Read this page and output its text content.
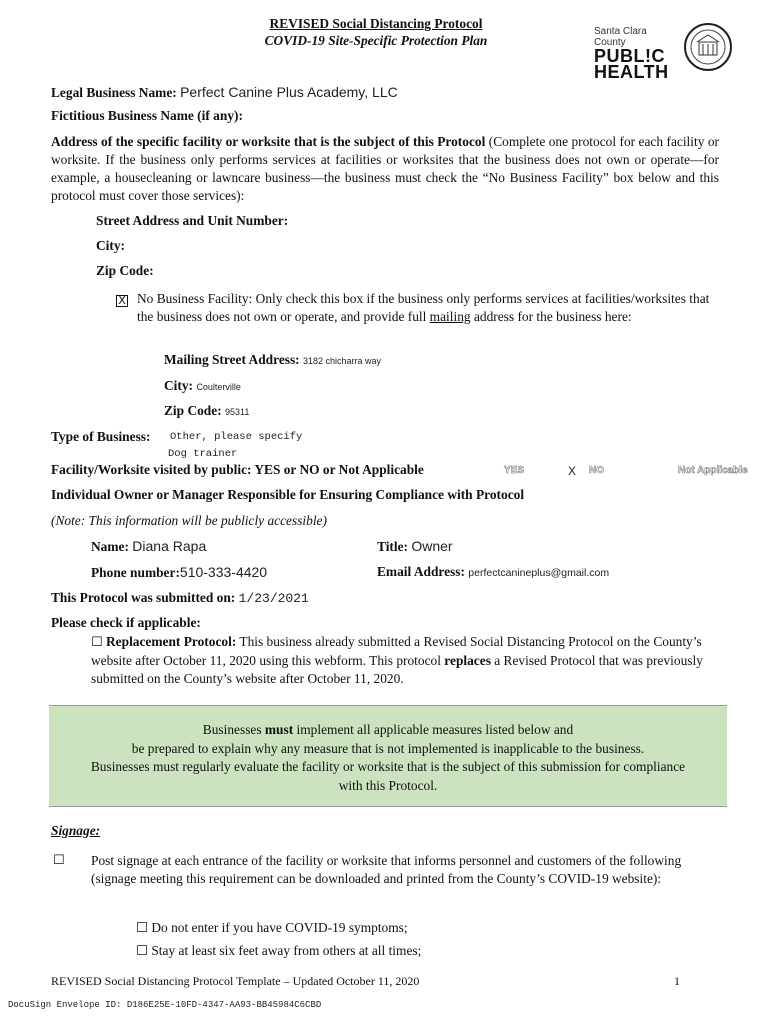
REVISED Social Distancing Protocol
COVID-19 Site-Specific Protection Plan
Santa Clara County
PUBL!C
HEALTH
Legal Business Name: Perfect Canine Plus Academy, LLC
Fictitious Business Name (if any):
Address of the specific facility or worksite that is the subject of this Protocol (Complete one protocol for each facility or worksite. If the business only performs services at facilities or worksites that the business does not own or operate—for example, a housecleaning or lawncare business—the business must check the “No Business Facility” box below and this protocol must cover those services):
Street Address and Unit Number:
City:
Zip Code:
X No Business Facility: Only check this box if the business only performs services at facilities/worksites that the business does not own or operate, and provide full mailing address for the business here:
Mailing Street Address: 3182 chicharra way
City: Coulterville
Zip Code: 95311
Type of Business: Other, please specify
Dog trainer
Facility/Worksite visited by public: YES or NO or Not Applicable	YES	X NO	Not Applicable
Individual Owner or Manager Responsible for Ensuring Compliance with Protocol
(Note: This information will be publicly accessible)
Name: Diana Rapa	Title: Owner
Phone number:510-333-4420	Email Address: perfectcanineplus@gmail.com
This Protocol was submitted on: 1/23/2021
Please check if applicable:
☐ Replacement Protocol: This business already submitted a Revised Social Distancing Protocol on the County’s website after October 11, 2020 using this webform. This protocol replaces a Revised Protocol that was previously submitted on the County’s website after October 11, 2020.
Businesses must implement all applicable measures listed below and
be prepared to explain why any measure that is not implemented is inapplicable to the business.
Businesses must regularly evaluate the facility or worksite that is the subject of this submission for compliance
with this Protocol.
Signage:
☐ Post signage at each entrance of the facility or worksite that informs personnel and customers of the following (signage meeting this requirement can be downloaded and printed from the County’s COVID-19 website):
☐ Do not enter if you have COVID-19 symptoms;
☐ Stay at least six feet away from others at all times;
REVISED Social Distancing Protocol Template – Updated October 11, 2020	1
DocuSign Envelope ID: D186E25E-10FD-4347-AA93-BB45984C6CBD
